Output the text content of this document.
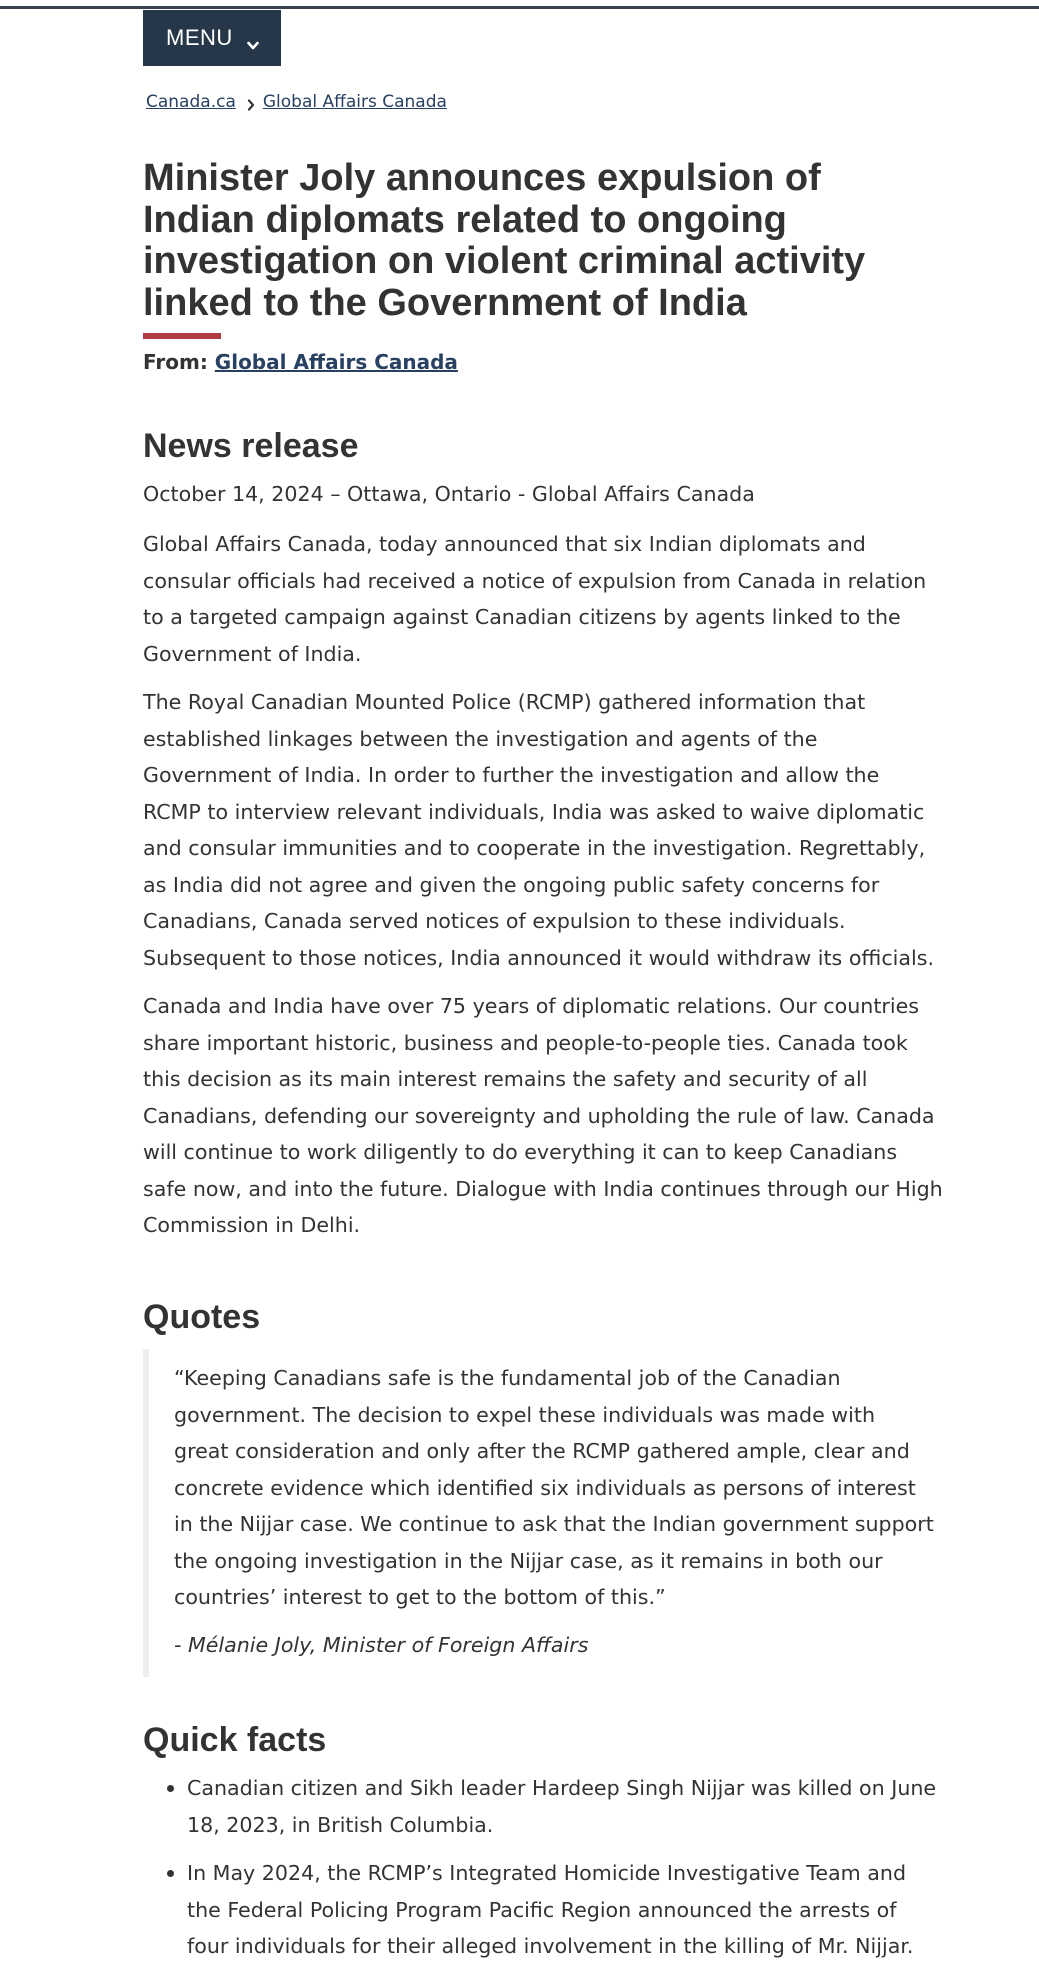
MENU
Canada.ca Global Affairs Canada
Minister Joly announces expulsion of Indian diplomats related to ongoing investigation on violent criminal activity linked to the Government of India
From: Global Affairs Canada
News release

October 14, 2024 – Ottawa, Ontario - Global Affairs Canada

Global Affairs Canada, today announced that six Indian diplomats and consular officials had received a notice of expulsion from Canada in relation to a targeted campaign against Canadian citizens by agents linked to the Government of India.

The Royal Canadian Mounted Police (RCMP) gathered information that established linkages between the investigation and agents of the Government of India. In order to further the investigation and allow the RCMP to interview relevant individuals, India was asked to waive diplomatic and consular immunities and to cooperate in the investigation. Regrettably, as India did not agree and given the ongoing public safety concerns for Canadians, Canada served notices of expulsion to these individuals. Subsequent to those notices, India announced it would withdraw its officials.

Canada and India have over 75 years of diplomatic relations. Our countries share important historic, business and people-to-people ties. Canada took this decision as its main interest remains the safety and security of all Canadians, defending our sovereignty and upholding the rule of law. Canada will continue to work diligently to do everything it can to keep Canadians safe now, and into the future. Dialogue with India continues through our High Commission in Delhi.

Quotes

“Keeping Canadians safe is the fundamental job of the Canadian government. The decision to expel these individuals was made with great consideration and only after the RCMP gathered ample, clear and concrete evidence which identified six individuals as persons of interest in the Nijjar case. We continue to ask that the Indian government support the ongoing investigation in the Nijjar case, as it remains in both our countries’ interest to get to the bottom of this.”

- Mélanie Joly, Minister of Foreign Affairs
Quick facts
Canadian citizen and Sikh leader Hardeep Singh Nijjar was killed on June 18, 2023, in British Columbia.
In May 2024, the RCMP’s Integrated Homicide Investigative Team and the Federal Policing Program Pacific Region announced the arrests of four individuals for their alleged involvement in the killing of Mr. Nijjar.
